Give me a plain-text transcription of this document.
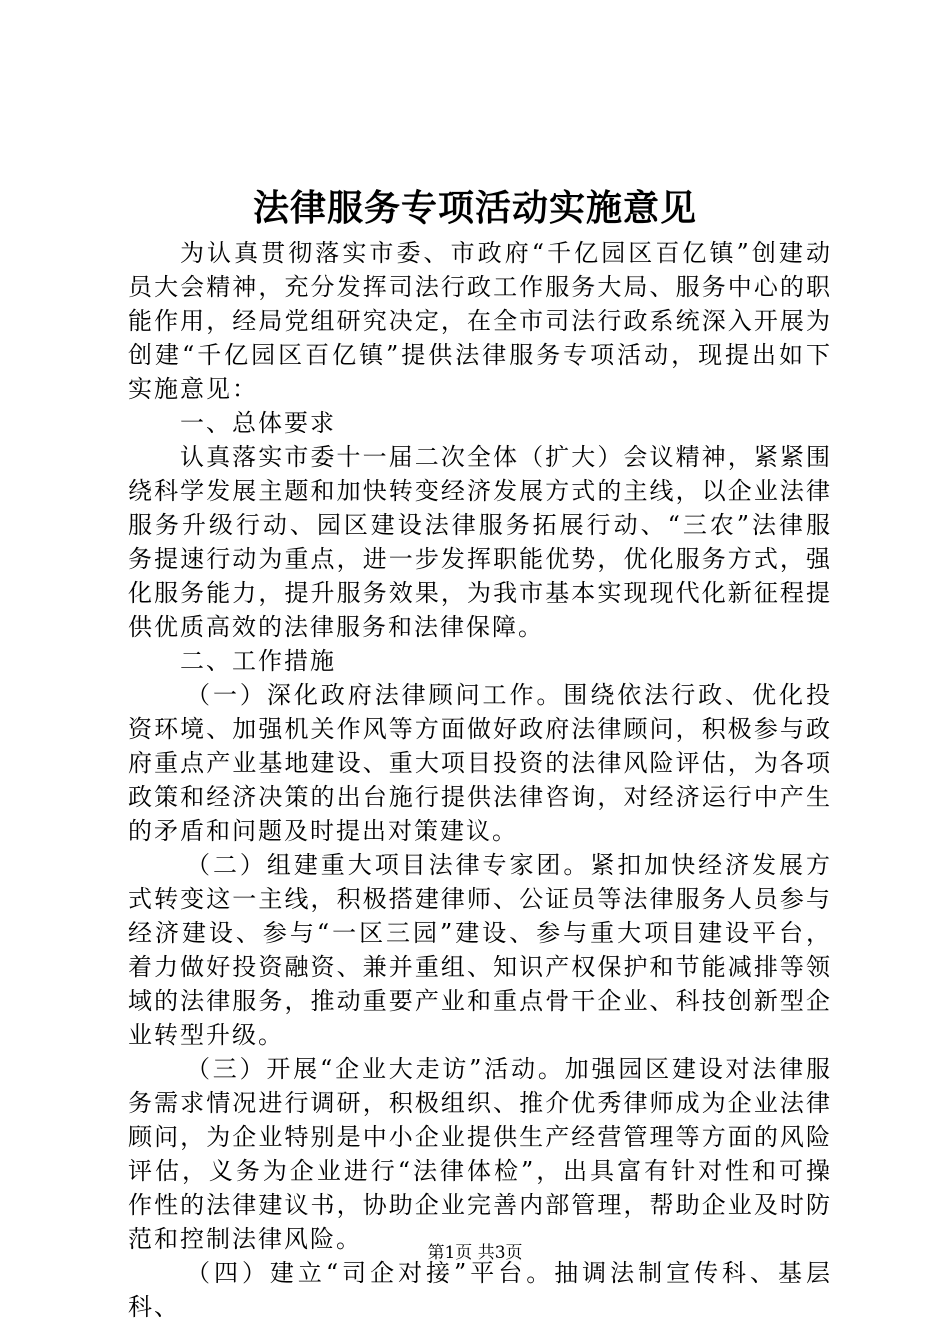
法律服务专项活动实施意见

为认真贯彻落实市委、市政府“千亿园区百亿镇”创建动员大会精神，充分发挥司法行政工作服务大局、服务中心的职能作用，经局党组研究决定，在全市司法行政系统深入开展为创建“千亿园区百亿镇”提供法律服务专项活动，现提出如下实施意见：

一、总体要求

认真落实市委十一届二次全体（扩大）会议精神，紧紧围绕科学发展主题和加快转变经济发展方式的主线，以企业法律服务升级行动、园区建设法律服务拓展行动、“三农”法律服务提速行动为重点，进一步发挥职能优势，优化服务方式，强化服务能力，提升服务效果，为我市基本实现现代化新征程提供优质高效的法律服务和法律保障。

二、工作措施

（一）深化政府法律顾问工作。围绕依法行政、优化投资环境、加强机关作风等方面做好政府法律顾问，积极参与政府重点产业基地建设、重大项目投资的法律风险评估，为各项政策和经济决策的出台施行提供法律咨询，对经济运行中产生的矛盾和问题及时提出对策建议。

（二）组建重大项目法律专家团。紧扣加快经济发展方式转变这一主线，积极搭建律师、公证员等法律服务人员参与经济建设、参与“一区三园”建设、参与重大项目建设平台，着力做好投资融资、兼并重组、知识产权保护和节能减排等领域的法律服务，推动重要产业和重点骨干企业、科技创新型企业转型升级。

（三）开展“企业大走访”活动。加强园区建设对法律服务需求情况进行调研，积极组织、推介优秀律师成为企业法律顾问，为企业特别是中小企业提供生产经营管理等方面的风险评估，义务为企业进行“法律体检”，出具富有针对性和可操作性的法律建议书，协助企业完善内部管理，帮助企业及时防范和控制法律风险。

（四）建立“司企对接”平台。抽调法制宣传科、基层科、

第1页 共3页
